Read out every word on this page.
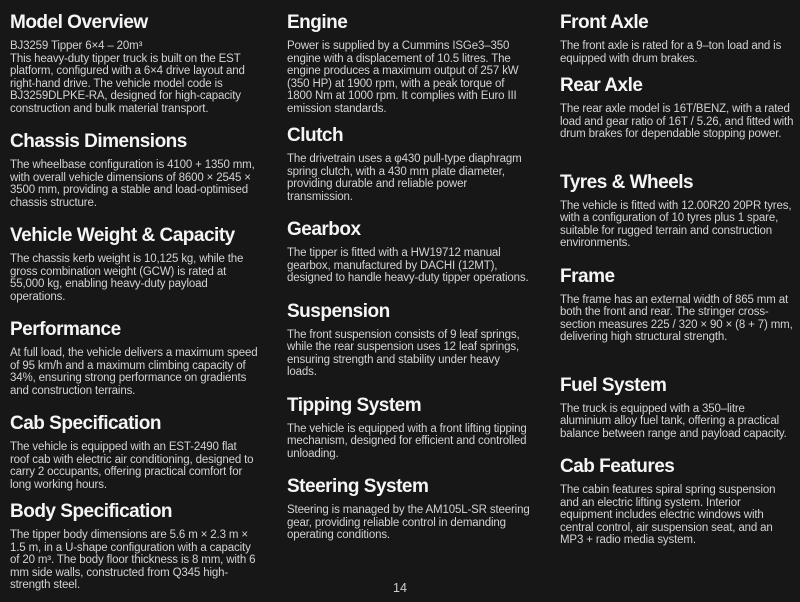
Model Overview

BJ3259 Tipper 6×4 – 20m³

This heavy-duty tipper truck is built on the EST platform, configured with a 6×4 drive layout and right-hand drive. The vehicle model code is BJ3259DLPKE-RA, designed for high-capacity construction and bulk material transport.

Chassis Dimensions

The wheelbase configuration is 4100 + 1350 mm, with overall vehicle dimensions of 8600 × 2545 × 3500 mm, providing a stable and load-optimised chassis structure.

Vehicle Weight & Capacity

The chassis kerb weight is 10,125 kg, while the gross combination weight (GCW) is rated at 55,000 kg, enabling heavy-duty payload operations.

Performance

At full load, the vehicle delivers a maximum speed of 95 km/h and a maximum climbing capacity of 34%, ensuring strong performance on gradients and construction terrains.

Cab Specification

The vehicle is equipped with an EST-2490 flat roof cab with electric air conditioning, designed to carry 2 occupants, offering practical comfort for long working hours.

Body Specification

The tipper body dimensions are 5.6 m × 2.3 m × 1.5 m, in a U-shape configuration with a capacity of 20 m³. The body floor thickness is 8 mm, with 6 mm side walls, constructed from Q345 high-strength steel.

Engine

Power is supplied by a Cummins ISGe3–350 engine with a displacement of 10.5 litres. The engine produces a maximum output of 257 kW (350 HP) at 1900 rpm, with a peak torque of 1800 Nm at 1000 rpm. It complies with Euro III emission standards.

Clutch

The drivetrain uses a φ430 pull-type diaphragm spring clutch, with a 430 mm plate diameter, providing durable and reliable power transmission.

Gearbox

The tipper is fitted with a HW19712 manual gearbox, manufactured by DACHI (12MT), designed to handle heavy-duty tipper operations.

Suspension

The front suspension consists of 9 leaf springs, while the rear suspension uses 12 leaf springs, ensuring strength and stability under heavy loads.

Tipping System

The vehicle is equipped with a front lifting tipping mechanism, designed for efficient and controlled unloading.

Steering System

Steering is managed by the AM105L-SR steering gear, providing reliable control in demanding operating conditions.

Front Axle

The front axle is rated for a 9–ton load and is equipped with drum brakes.

Rear Axle

The rear axle model is 16T/BENZ, with a rated load and gear ratio of 16T / 5.26, and fitted with drum brakes for dependable stopping power.

Tyres & Wheels

The vehicle is fitted with 12.00R20 20PR tyres, with a configuration of 10 tyres plus 1 spare, suitable for rugged terrain and construction environments.

Frame

The frame has an external width of 865 mm at both the front and rear. The stringer cross-section measures 225 / 320 × 90 × (8 + 7) mm, delivering high structural strength.

Fuel System

The truck is equipped with a 350–litre aluminium alloy fuel tank, offering a practical balance between range and payload capacity.

Cab Features

The cabin features spiral spring suspension and an electric lifting system. Interior equipment includes electric windows with central control, air suspension seat, and an MP3 + radio media system.

14
